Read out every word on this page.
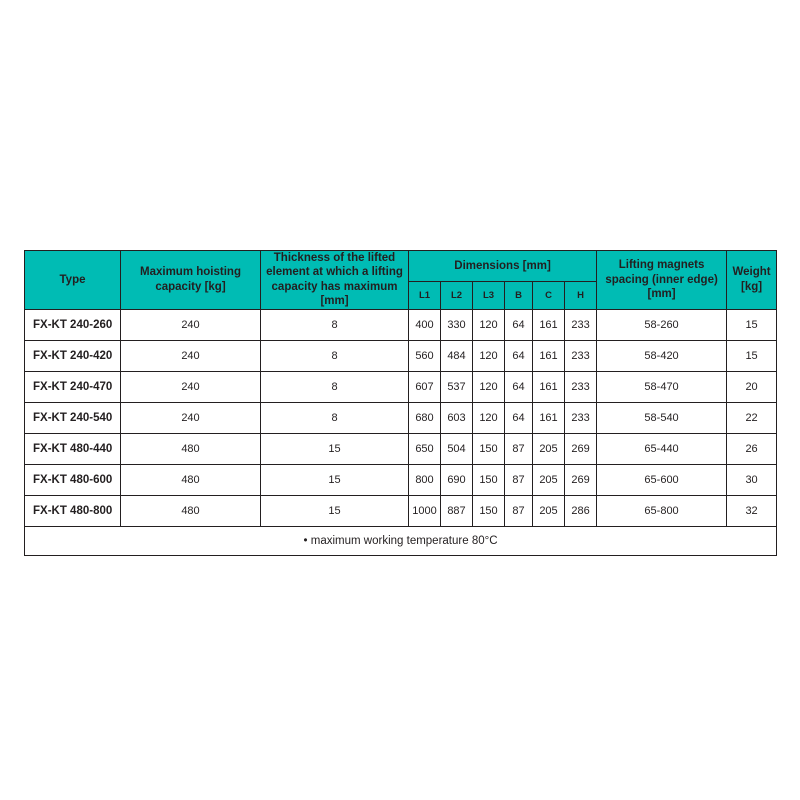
Type	Maximum hoisting capacity [kg]	Thickness of the lifted element at which a lifting capacity has maximum [mm]	Dimensions [mm]						Lifting magnets spacing (inner edge) [mm]	Weight [kg]
			L1	L2	L3	B	C	H		
FX-KT 240-260	240	8	400	330	120	64	161	233	58-260	15
FX-KT 240-420	240	8	560	484	120	64	161	233	58-420	15
FX-KT 240-470	240	8	607	537	120	64	161	233	58-470	20
FX-KT 240-540	240	8	680	603	120	64	161	233	58-540	22
FX-KT 480-440	480	15	650	504	150	87	205	269	65-440	26
FX-KT 480-600	480	15	800	690	150	87	205	269	65-600	30
FX-KT 480-800	480	15	1000	887	150	87	205	286	65-800	32
• maximum working temperature 80°C										
